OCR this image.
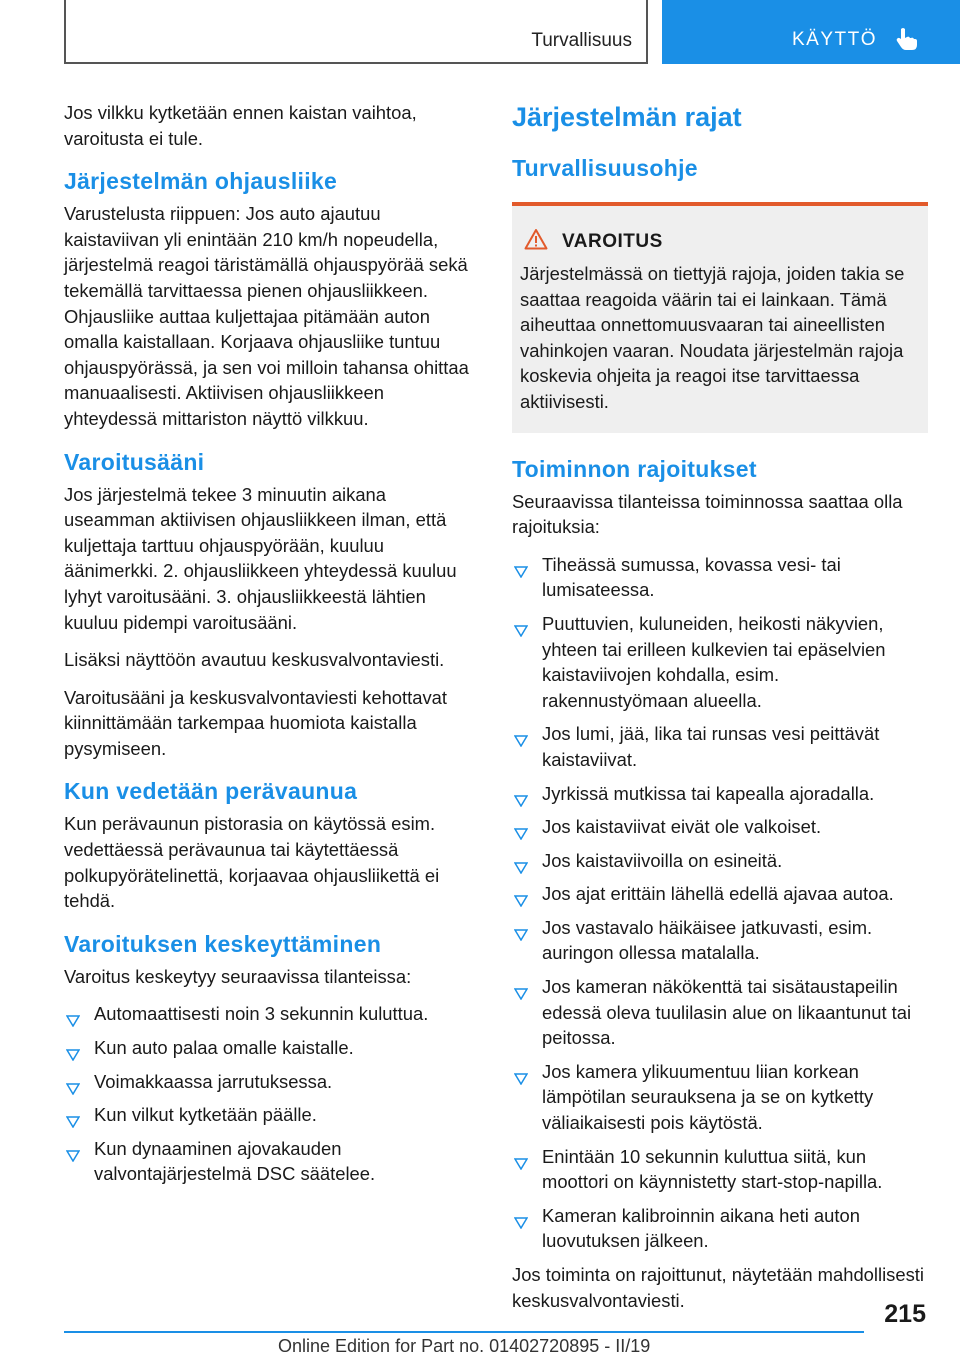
Turvallisuus	KÄYTTÖ

Jos vilkku kytketään ennen kaistan vaihtoa, varoitusta ei tule.

Järjestelmän ohjausliike

Varustelusta riippuen: Jos auto ajautuu kaistaviivan yli enintään 210 km/h nopeudella, järjestelmä reagoi täristämällä ohjauspyörää sekä tekemällä tarvittaessa pienen ohjausliikkeen. Ohjausliike auttaa kuljettajaa pitämään auton omalla kaistallaan. Korjaava ohjausliike tuntuu ohjauspyörässä, ja sen voi milloin tahansa ohittaa manuaalisesti. Aktiivisen ohjausliikkeen yhteydessä mittariston näyttö vilkkuu.

Varoitusääni

Jos järjestelmä tekee 3 minuutin aikana useamman aktiivisen ohjausliikkeen ilman, että kuljettaja tarttuu ohjauspyörään, kuuluu äänimerkki. 2. ohjausliikkeen yhteydessä kuuluu lyhyt varoitusääni. 3. ohjausliikkeestä lähtien kuuluu pidempi varoitusääni.

Lisäksi näyttöön avautuu keskusvalvontaviesti.

Varoitusääni ja keskusvalvontaviesti kehottavat kiinnittämään tarkempaa huomiota kaistalla pysymiseen.

Kun vedetään perävaunua

Kun perävaunun pistorasia on käytössä esim. vedettäessä perävaunua tai käytettäessä polkupyörätelinettä, korjaavaa ohjausliikettä ei tehdä.

Varoituksen keskeyttäminen

Varoitus keskeytyy seuraavissa tilanteissa:

Automaattisesti noin 3 sekunnin kuluttua.
Kun auto palaa omalle kaistalle.
Voimakkaassa jarrutuksessa.
Kun vilkut kytketään päälle.
Kun dynaaminen ajovakauden valvontajärjestelmä DSC säätelee.
Järjestelmän rajat
Turvallisuusohje
VAROITUS

Järjestelmässä on tiettyjä rajoja, joiden takia se saattaa reagoida väärin tai ei lainkaan. Tämä aiheuttaa onnettomuusvaaran tai aineellisten vahinkojen vaaran. Noudata järjestelmän rajoja koskevia ohjeita ja reagoi itse tarvittaessa aktiivisesti.

Toiminnon rajoitukset

Seuraavissa tilanteissa toiminnossa saattaa olla rajoituksia:

Tiheässä sumussa, kovassa vesi- tai lumisateessa.
Puuttuvien, kuluneiden, heikosti näkyvien, yhteen tai erilleen kulkevien tai epäselvien kaistaviivojen kohdalla, esim. rakennustyömaan alueella.
Jos lumi, jää, lika tai runsas vesi peittävät kaistaviivat.
Jyrkissä mutkissa tai kapealla ajoradalla.
Jos kaistaviivat eivät ole valkoiset.
Jos kaistaviivoilla on esineitä.
Jos ajat erittäin lähellä edellä ajavaa autoa.
Jos vastavalo häikäisee jatkuvasti, esim. auringon ollessa matalalla.
Jos kameran näkökenttä tai sisätaustapeilin edessä oleva tuulilasin alue on likaantunut tai peitossa.
Jos kamera ylikuumentuu liian korkean lämpötilan seurauksena ja se on kytketty väliaikaisesti pois käytöstä.
Enintään 10 sekunnin kuluttua siitä, kun moottori on käynnistetty start-stop-napilla.
Kameran kalibroinnin aikana heti auton luovutuksen jälkeen.

Jos toiminta on rajoittunut, näytetään mahdollisesti keskusvalvontaviesti.	215
Online Edition for Part no. 01402720895 - II/19
